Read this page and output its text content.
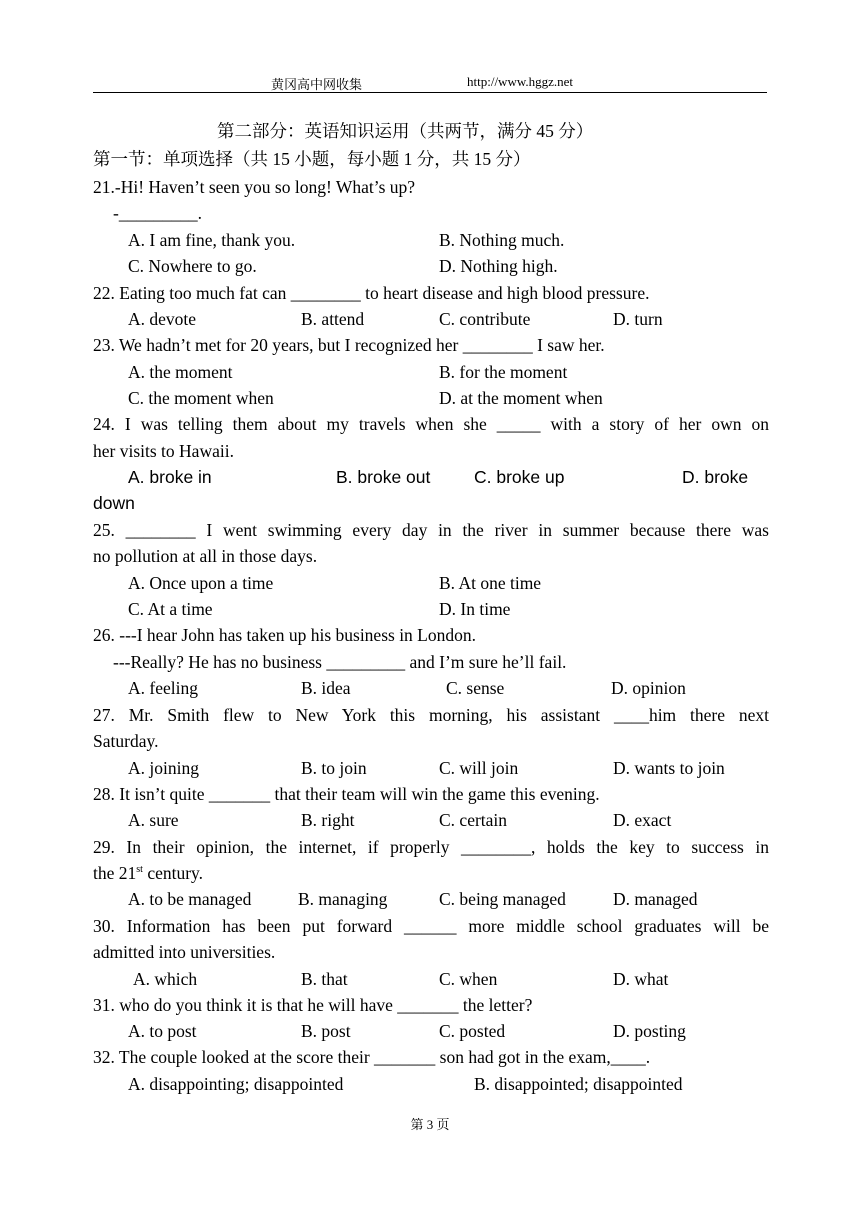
黄冈高中网收集	http://www.hggz.net
第二部分：英语知识运用（共两节，满分 45 分）
第一节：单项选择（共 15 小题，每小题 1 分，共 15 分）
21.-Hi! Haven’t seen you so long! What’s up?
-_________.
A. I am fine, thank you.	B. Nothing much.
C. Nowhere to go.	D. Nothing high.
22. Eating too much fat can ________ to heart disease and high blood pressure.
A. devote	B. attend	C. contribute	D. turn
23. We hadn’t met for 20 years, but I recognized her ________ I saw her.
A. the moment	B. for the moment
C. the moment when	D. at the moment when
24. I was telling them about my travels when she _____ with a story of her own on
her visits to Hawaii.
A. broke in	B. broke out C. broke up	D. broke
down
25. ________ I went swimming every day in the river in summer because there was
no pollution at all in those days.
A. Once upon a time	B. At one time
C. At a time	D. In time
26. ---I hear John has taken up his business in London.
---Really? He has no business _________ and I’m sure he’ll fail.
A. feeling	B. idea	C. sense	D. opinion
27. Mr. Smith flew to New York this morning, his assistant ____him there next
Saturday.
A. joining	B. to join	C. will join	D. wants to join
28. It isn’t quite _______ that their team will win the game this evening.
A. sure	B. right	C. certain	D. exact
29. In their opinion, the internet, if properly ________, holds the key to success in
the 21st century.
A. to be managed	B. managing	C. being managed	D. managed
30. Information has been put forward ______ more middle school graduates will be
admitted into universities.
A. which	B. that	C. when	D. what
31. who do you think it is that he will have _______ the letter?
A. to post	B. post	C. posted	D. posting
32. The couple looked at the score their _______ son had got in the exam,____.
A. disappointing; disappointed	B. disappointed; disappointed
第 3 页
